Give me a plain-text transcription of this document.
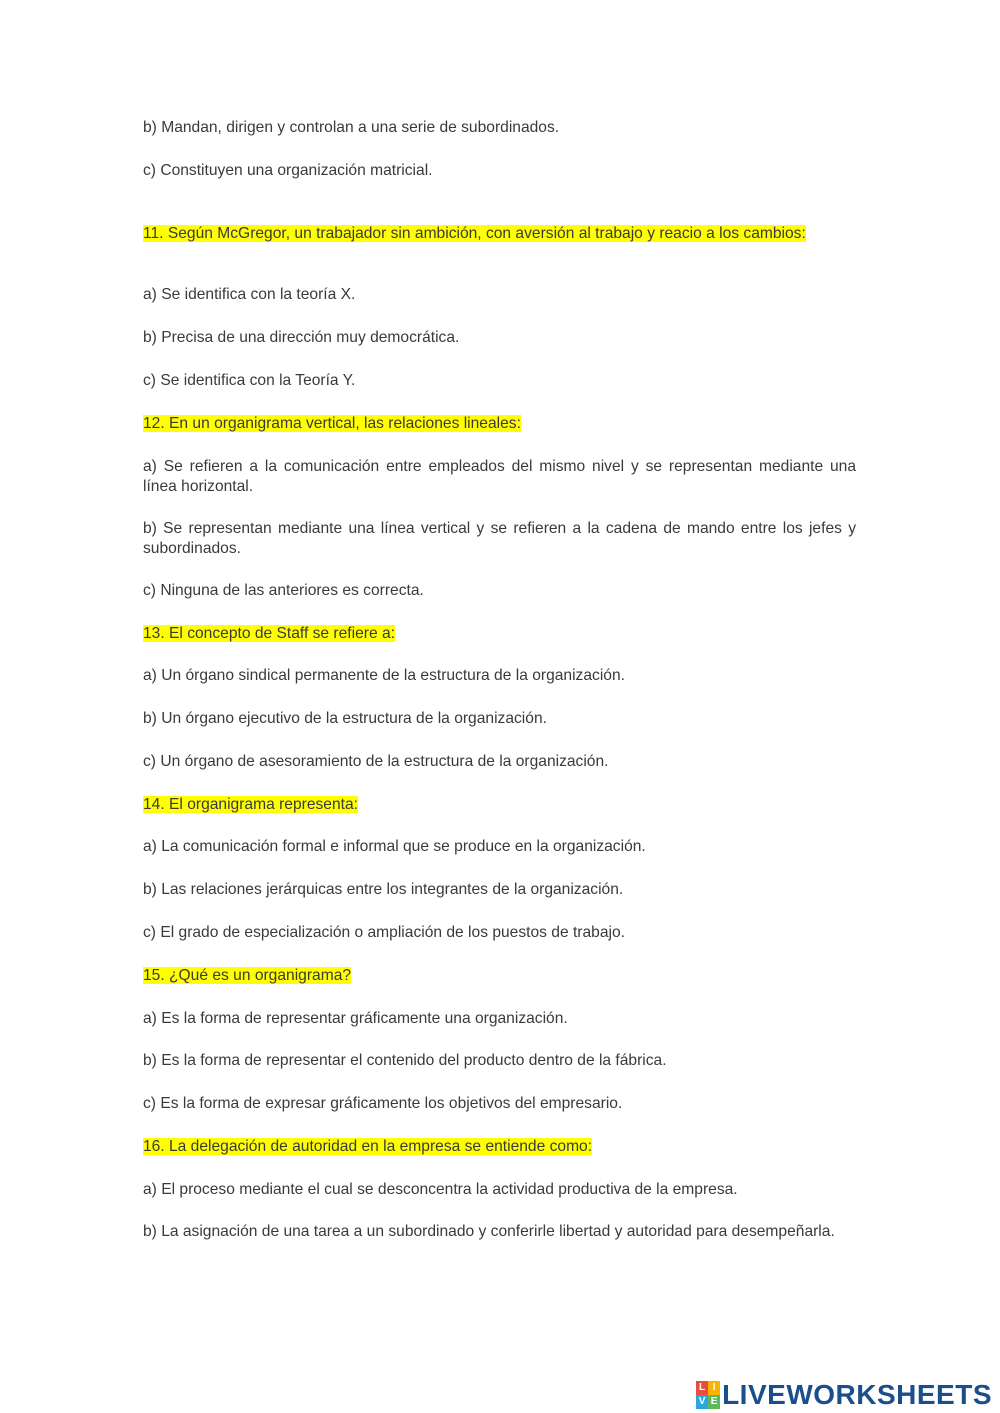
b) Mandan, dirigen y controlan a una serie de subordinados.

c) Constituyen una organización matricial.

11. Según McGregor, un trabajador sin ambición, con aversión al trabajo y reacio a los cambios:

a) Se identifica con la teoría X.

b) Precisa de una dirección muy democrática.

c) Se identifica con la Teoría Y.

12. En un organigrama vertical, las relaciones lineales:

a) Se refieren a la comunicación entre empleados del mismo nivel y se representan mediante una línea horizontal.

b) Se representan mediante una línea vertical y se refieren a la cadena de mando entre los jefes y subordinados.

c) Ninguna de las anteriores es correcta.

13. El concepto de Staff se refiere a:

a) Un órgano sindical permanente de la estructura de la organización.

b) Un órgano ejecutivo de la estructura de la organización.

c) Un órgano de asesoramiento de la estructura de la organización.

14. El organigrama representa:

a) La comunicación formal e informal que se produce en la organización.

b) Las relaciones jerárquicas entre los integrantes de la organización.

c) El grado de especialización o ampliación de los puestos de trabajo.

15. ¿Qué es un organigrama?

a) Es la forma de representar gráficamente una organización.

b) Es la forma de representar el contenido del producto dentro de la fábrica.

c) Es la forma de expresar gráficamente los objetivos del empresario.

16. La delegación de autoridad en la empresa se entiende como:

a) El proceso mediante el cual se desconcentra la actividad productiva de la empresa.

b) La asignación de una tarea a un subordinado y conferirle libertad y autoridad para desempeñarla.

L I
V E LIVEWORKSHEETS
